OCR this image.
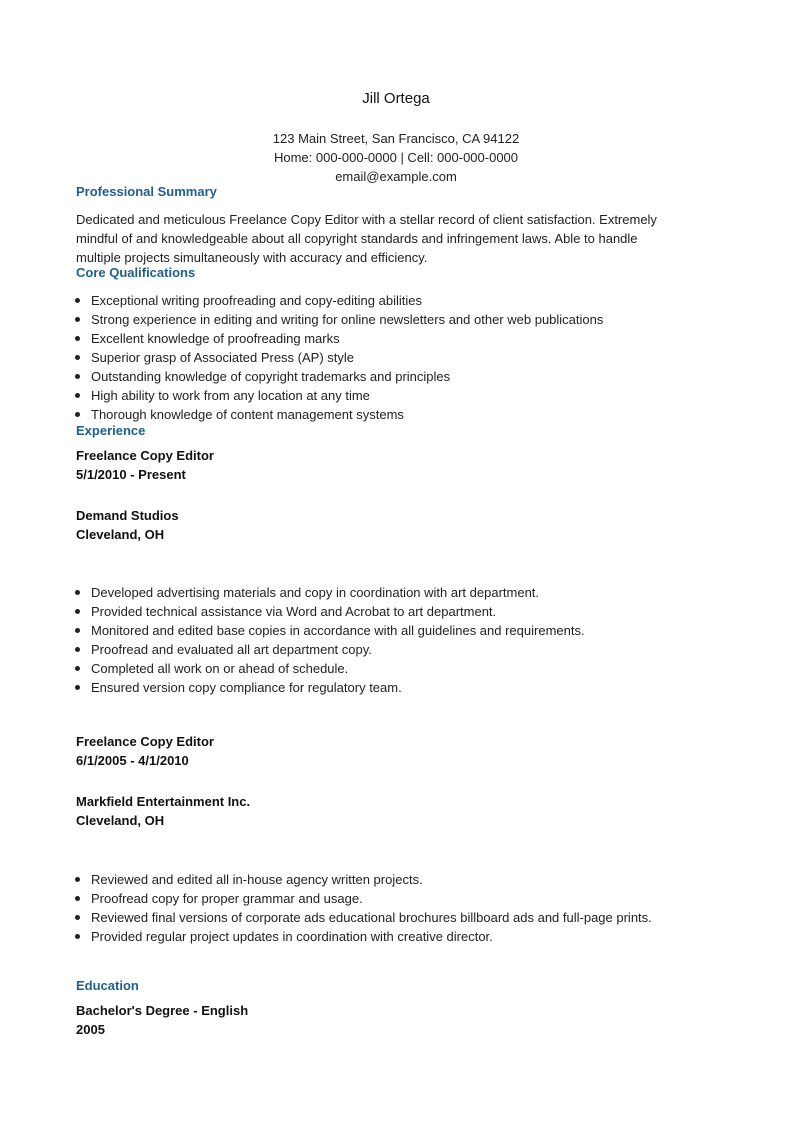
Jill Ortega
123 Main Street, San Francisco, CA 94122
Home: 000-000-0000 | Cell: 000-000-0000
email@example.com
Professional Summary
Dedicated and meticulous Freelance Copy Editor with a stellar record of client satisfaction. Extremely
mindful of and knowledgeable about all copyright standards and infringement laws. Able to handle
multiple projects simultaneously with accuracy and efficiency.
Core Qualifications
Exceptional writing proofreading and copy-editing abilities
Strong experience in editing and writing for online newsletters and other web publications
Excellent knowledge of proofreading marks
Superior grasp of Associated Press (AP) style
Outstanding knowledge of copyright trademarks and principles
High ability to work from any location at any time
Thorough knowledge of content management systems
Experience
Freelance Copy Editor
5/1/2010 - Present
Demand Studios
Cleveland, OH
Developed advertising materials and copy in coordination with art department.
Provided technical assistance via Word and Acrobat to art department.
Monitored and edited base copies in accordance with all guidelines and requirements.
Proofread and evaluated all art department copy.
Completed all work on or ahead of schedule.
Ensured version copy compliance for regulatory team.
Freelance Copy Editor
6/1/2005 - 4/1/2010
Markfield Entertainment Inc.
Cleveland, OH
Reviewed and edited all in-house agency written projects.
Proofread copy for proper grammar and usage.
Reviewed final versions of corporate ads educational brochures billboard ads and full-page prints.
Provided regular project updates in coordination with creative director.
Education
Bachelor's Degree - English
2005
